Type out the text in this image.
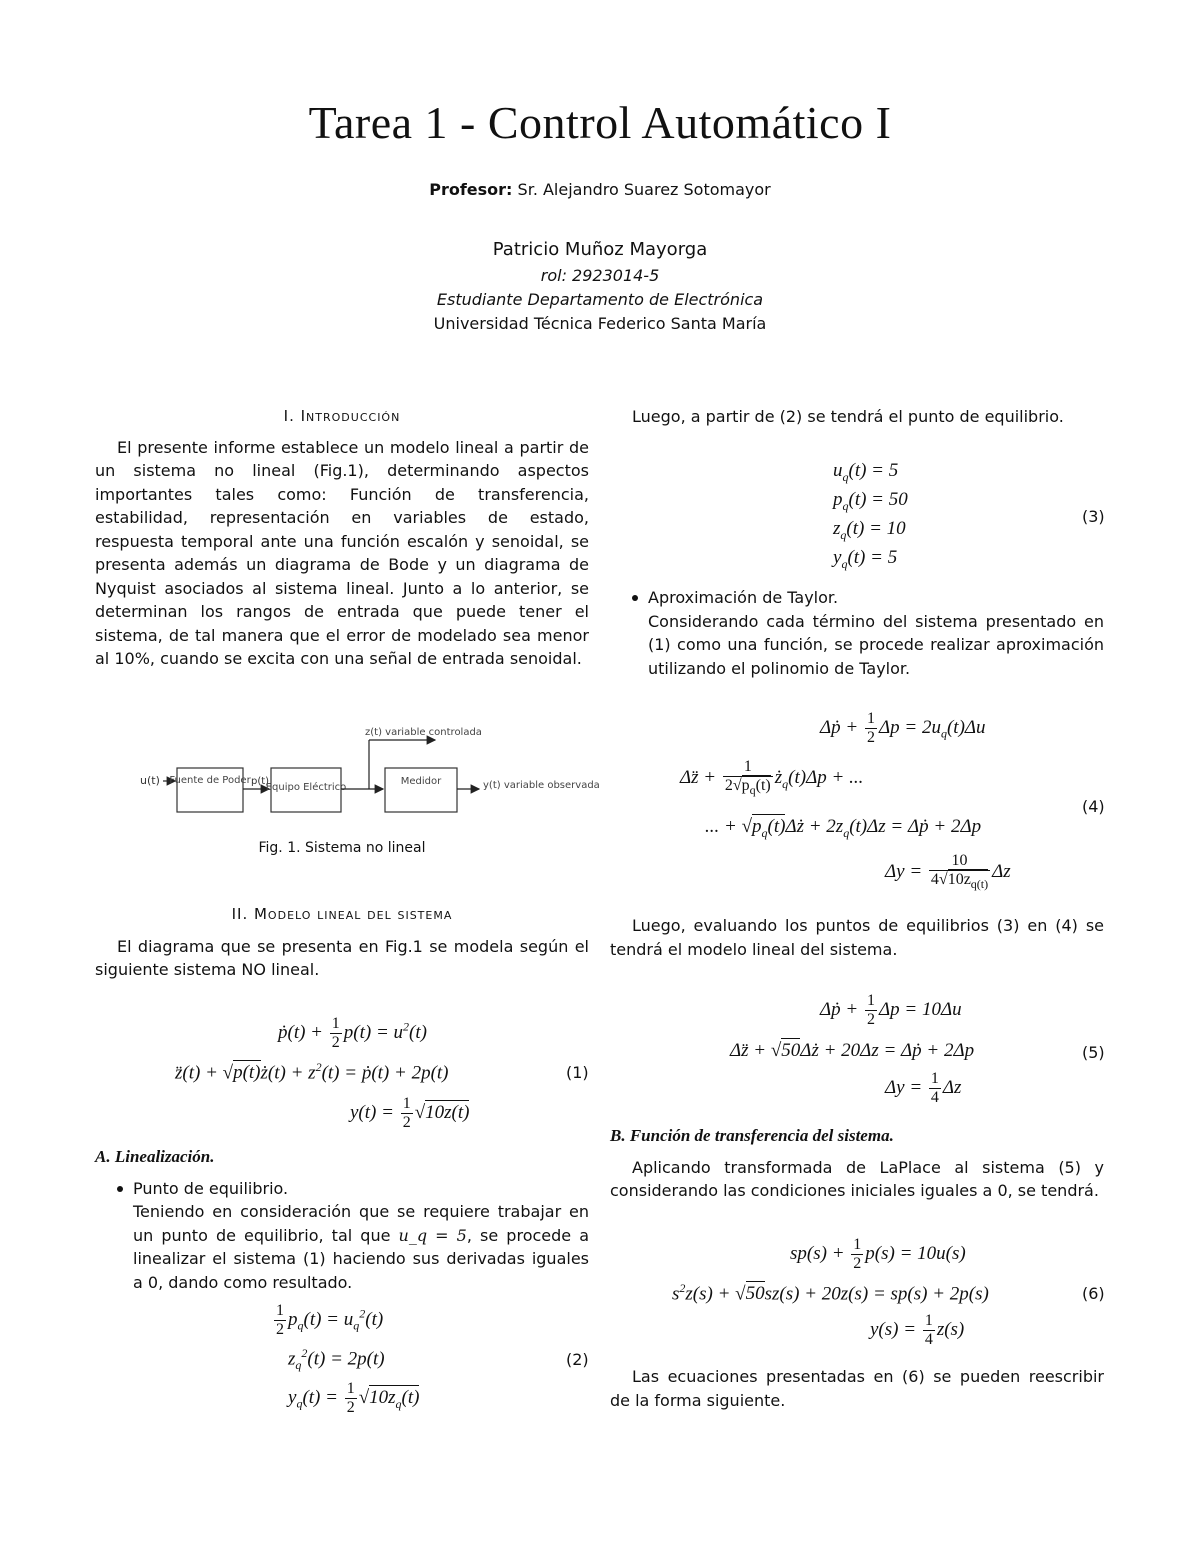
Tarea 1 - Control Automático I
Profesor: Sr. Alejandro Suarez Sotomayor
Patricio Muñoz Mayorga
rol: 2923014-5
Estudiante Departamento de Electrónica
Universidad Técnica Federico Santa María
I. Introducción

El presente informe establece un modelo lineal a partir de un sistema no lineal (Fig.1), determinando aspectos importantes tales como: Función de transferencia, estabilidad, representación en variables de estado, respuesta temporal ante una función escalón y senoidal, se presenta además un diagrama de Bode y un diagrama de Nyquist asociados al sistema lineal. Junto a lo anterior, se determinan los rangos de entrada que puede tener el sistema, de tal manera que el error de modelado sea menor al 10%, cuando se excita con una señal de entrada senoidal.

u(t) Fuente de Poder p(t)
Equipo Eléctrico
z(t) variable controlada
Medidor	y(t) variable observada
Fig. 1. Sistema no lineal
II. Modelo lineal del sistema

El diagrama que se presenta en Fig.1 se modela según el siguiente sistema NO lineal.

ṗ(t) + $\frac{1}{2} p(t) = u^2(t)$
z̈(t) + √p(t)ż(t) + $z^2(t)$ = ṗ(t) + 2p(t)
$y(t) = \frac{1}{2} √10z(t)$
(1)
A. Linealización.
Punto de equilibrio.
Teniendo en consideración que se requiere trabajar en un punto de equilibrio, tal que u_q = 5, se procede a linealizar el sistema (1) haciendo sus derivadas iguales a 0, dando como resultado.
$\frac{1}{2} p_q(t) = u_q^2(t)$
$z_q^2(t) = 2p(t)$
$y_q(t) = \frac{1}{2} √10z_q(t)$
(2)

Luego, a partir de (2) se tendrá el punto de equilibrio.

$u_q(t) = 5$
$p_q(t) = 50$
$z_q(t) = 10$
$y_q(t) = 5$
(3)
Aproximación de Taylor.
Considerando cada término del sistema presentado en (1) como una función, se procede realizar aproximación utilizando el polinomio de Taylor.
Δṗ + $\frac{1}{2}$ $\Delta p = 2u_q(t)\Delta u$
Δz̈ + $\frac{1}{2√p_q(t)}$ $ż_q(t)\Delta p$ + ...
... + $√p_q(t)\Delta ż + 2z_q(t)\Delta z$ = Δṗ + 2Δp
$\Delta y = \frac{10}{4√10z_{q(t)}}$ Δz
(4)

Luego, evaluando los puntos de equilibrios (3) en (4) se tendrá el modelo lineal del sistema.

Δṗ + $\frac{1}{2}$ Δp = 10Δu
Δz̈ + √50Δż + 20Δz = Δṗ + 2Δp
$\Delta y = \frac{1}{4}$ Δz
(5)
B. Función de transferencia del sistema.

Aplicando transformada de LaPlace al sistema (5) y considerando las condiciones iniciales iguales a 0, se tendrá.

$sp(s) + \frac{1}{2} p(s) = 10u(s)$
$s^2z(s) + √50sz(s) + 20z(s) = sp(s) + 2p(s)$
$y(s) = \frac{1}{4} z(s)$
(6)

Las ecuaciones presentadas en (6) se pueden reescribir de la forma siguiente.
